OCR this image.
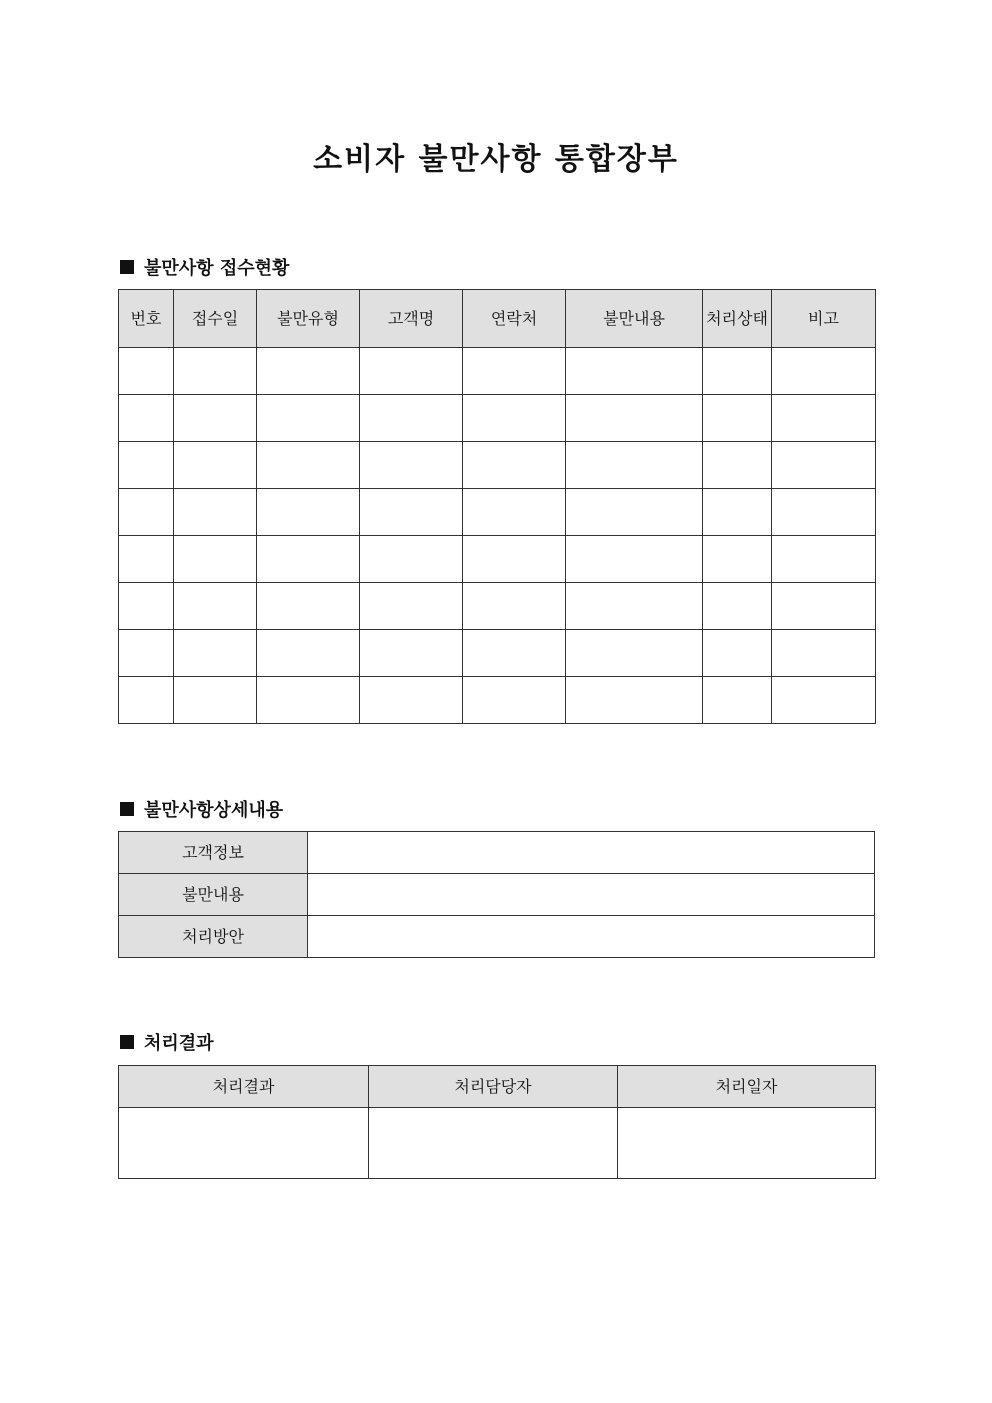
소비자 불만사항 통합장부
불만사항 접수현황
번호	접수일	불만유형	고객명	연락처	불만내용	처리상태	비고

불만사항상세내용
고객정보	
불만내용	
처리방안	
처리결과
처리결과	처리담당자	처리일자
